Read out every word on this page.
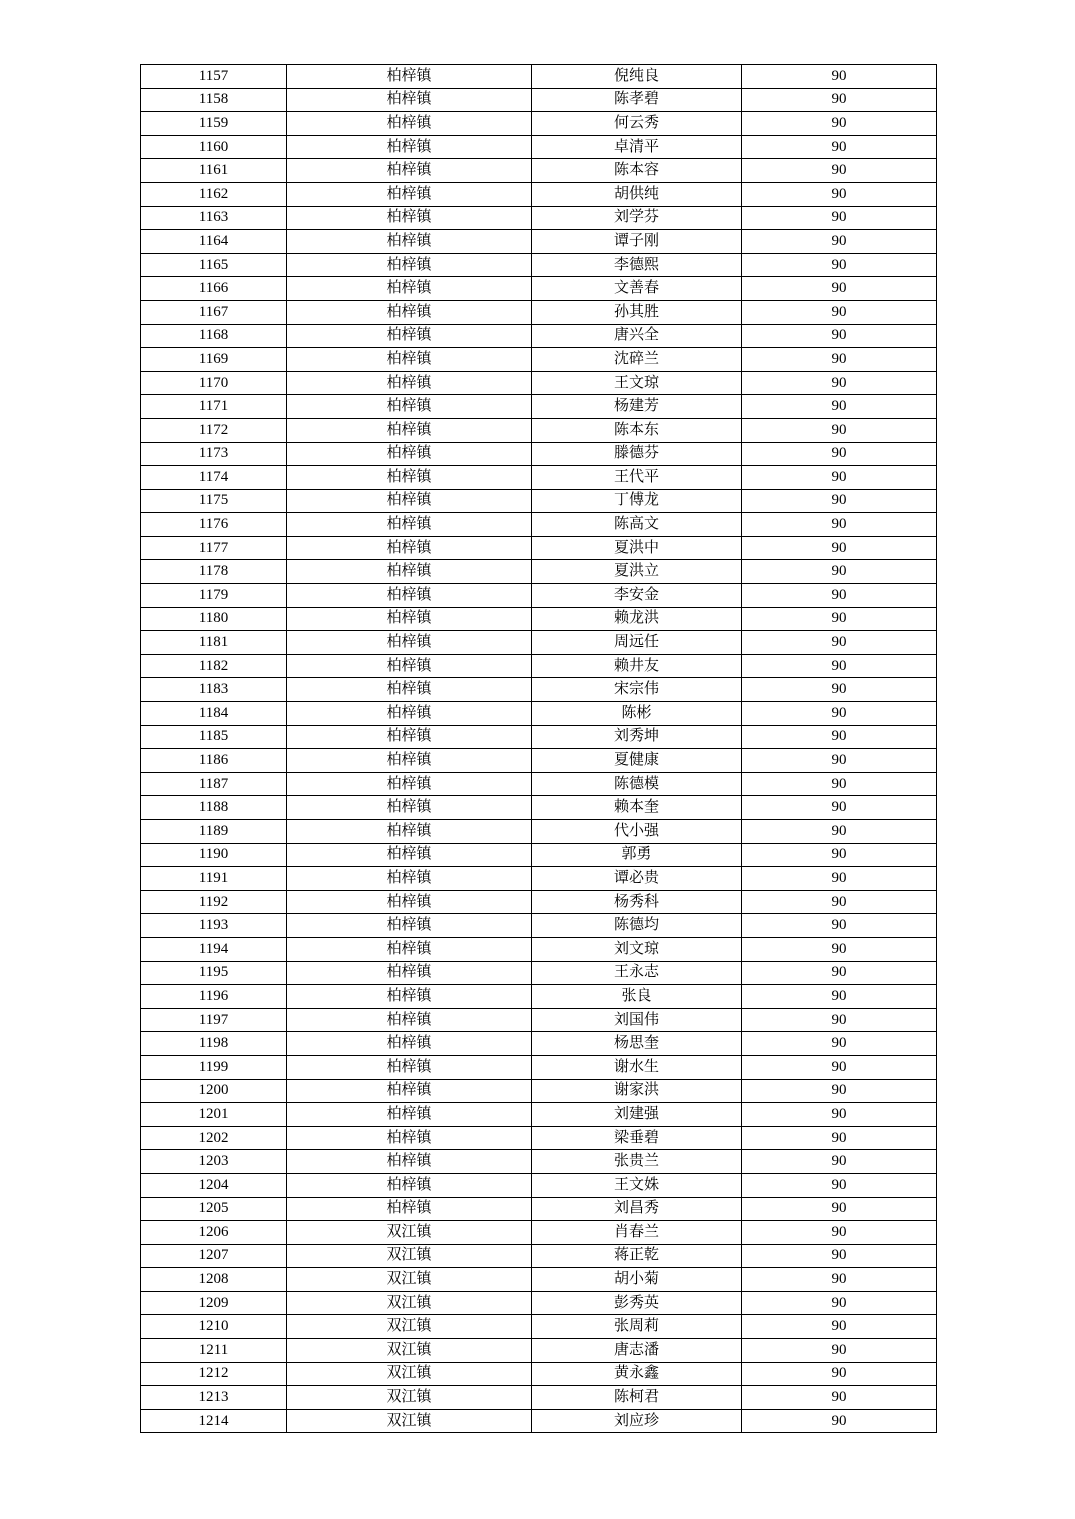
1157	柏梓镇	倪纯良	90
1158	柏梓镇	陈孝碧	90
1159	柏梓镇	何云秀	90
1160	柏梓镇	卓清平	90
1161	柏梓镇	陈本容	90
1162	柏梓镇	胡供纯	90
1163	柏梓镇	刘学芬	90
1164	柏梓镇	谭子刚	90
1165	柏梓镇	李德熙	90
1166	柏梓镇	文善春	90
1167	柏梓镇	孙其胜	90
1168	柏梓镇	唐兴全	90
1169	柏梓镇	沈碎兰	90
1170	柏梓镇	王文琼	90
1171	柏梓镇	杨建芳	90
1172	柏梓镇	陈本东	90
1173	柏梓镇	滕德芬	90
1174	柏梓镇	王代平	90
1175	柏梓镇	丁傅龙	90
1176	柏梓镇	陈高文	90
1177	柏梓镇	夏洪中	90
1178	柏梓镇	夏洪立	90
1179	柏梓镇	李安金	90
1180	柏梓镇	赖龙洪	90
1181	柏梓镇	周远任	90
1182	柏梓镇	赖井友	90
1183	柏梓镇	宋宗伟	90
1184	柏梓镇	陈彬	90
1185	柏梓镇	刘秀坤	90
1186	柏梓镇	夏健康	90
1187	柏梓镇	陈德模	90
1188	柏梓镇	赖本奎	90
1189	柏梓镇	代小强	90
1190	柏梓镇	郭勇	90
1191	柏梓镇	谭必贵	90
1192	柏梓镇	杨秀科	90
1193	柏梓镇	陈德均	90
1194	柏梓镇	刘文琼	90
1195	柏梓镇	王永志	90
1196	柏梓镇	张良	90
1197	柏梓镇	刘国伟	90
1198	柏梓镇	杨思奎	90
1199	柏梓镇	谢水生	90
1200	柏梓镇	谢家洪	90
1201	柏梓镇	刘建强	90
1202	柏梓镇	梁垂碧	90
1203	柏梓镇	张贵兰	90
1204	柏梓镇	王文姝	90
1205	柏梓镇	刘昌秀	90
1206	双江镇	肖春兰	90
1207	双江镇	蒋正乾	90
1208	双江镇	胡小菊	90
1209	双江镇	彭秀英	90
1210	双江镇	张周莉	90
1211	双江镇	唐志潘	90
1212	双江镇	黄永鑫	90
1213	双江镇	陈柯君	90
1214	双江镇	刘应珍	90
